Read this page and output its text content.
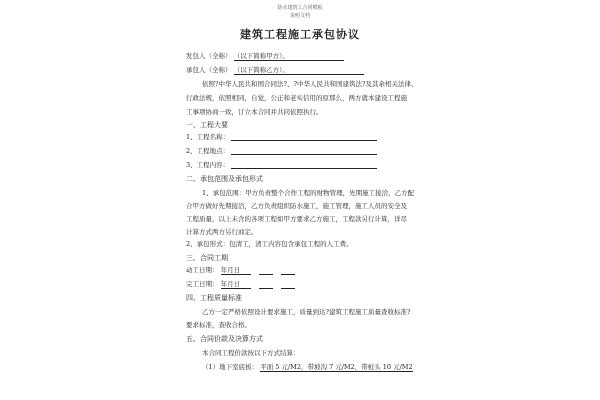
防水建筑工合同模板
说明文档
建筑工程施工承包协议
发包人（全称） （以下简称甲方）。
承包人（全称） （以下简称乙方）。
依照?中华人民共和国合同法?、?中华人民共和国建筑法?及其余相关法律、
行政法规，依照相同，自觉，公正和老实信用的原那么，两方就本建设工程施
工事项协商一致，订立本合同并共同依照执行。
一、工程大要
1、工程名称：
2、工程地点：
3、工程内容：
二、承包范围及承包形式
1、承包范围：甲方负责整个合作工程的财物管理，先期施工接洽，乙方配
合甲方做好先期接洽，乙方负责组织防水施工，施工管理，施工人员的安全及
工程质量，以上未含的各项工程如甲方要求乙方施工，工程款另行计算，详尽
计算方式两方另行商定。
2、承包形式：包清工，清工内容包含承包工程的人工费。
三、合同工期
动工日期： 年月日
完工日期： 年月日
四、工程质量标准
乙方一定严格依照设计要求施工，质量到达?建筑工程施工质量查收标准?
要求标准，查收合格。
五、合同价款及决算方式
本合同工程价款按以下方式结算：
（1）地下室底板： 平面 5 元/M2，带坡沟 7 元/M2，带桩头 10 元/M2
